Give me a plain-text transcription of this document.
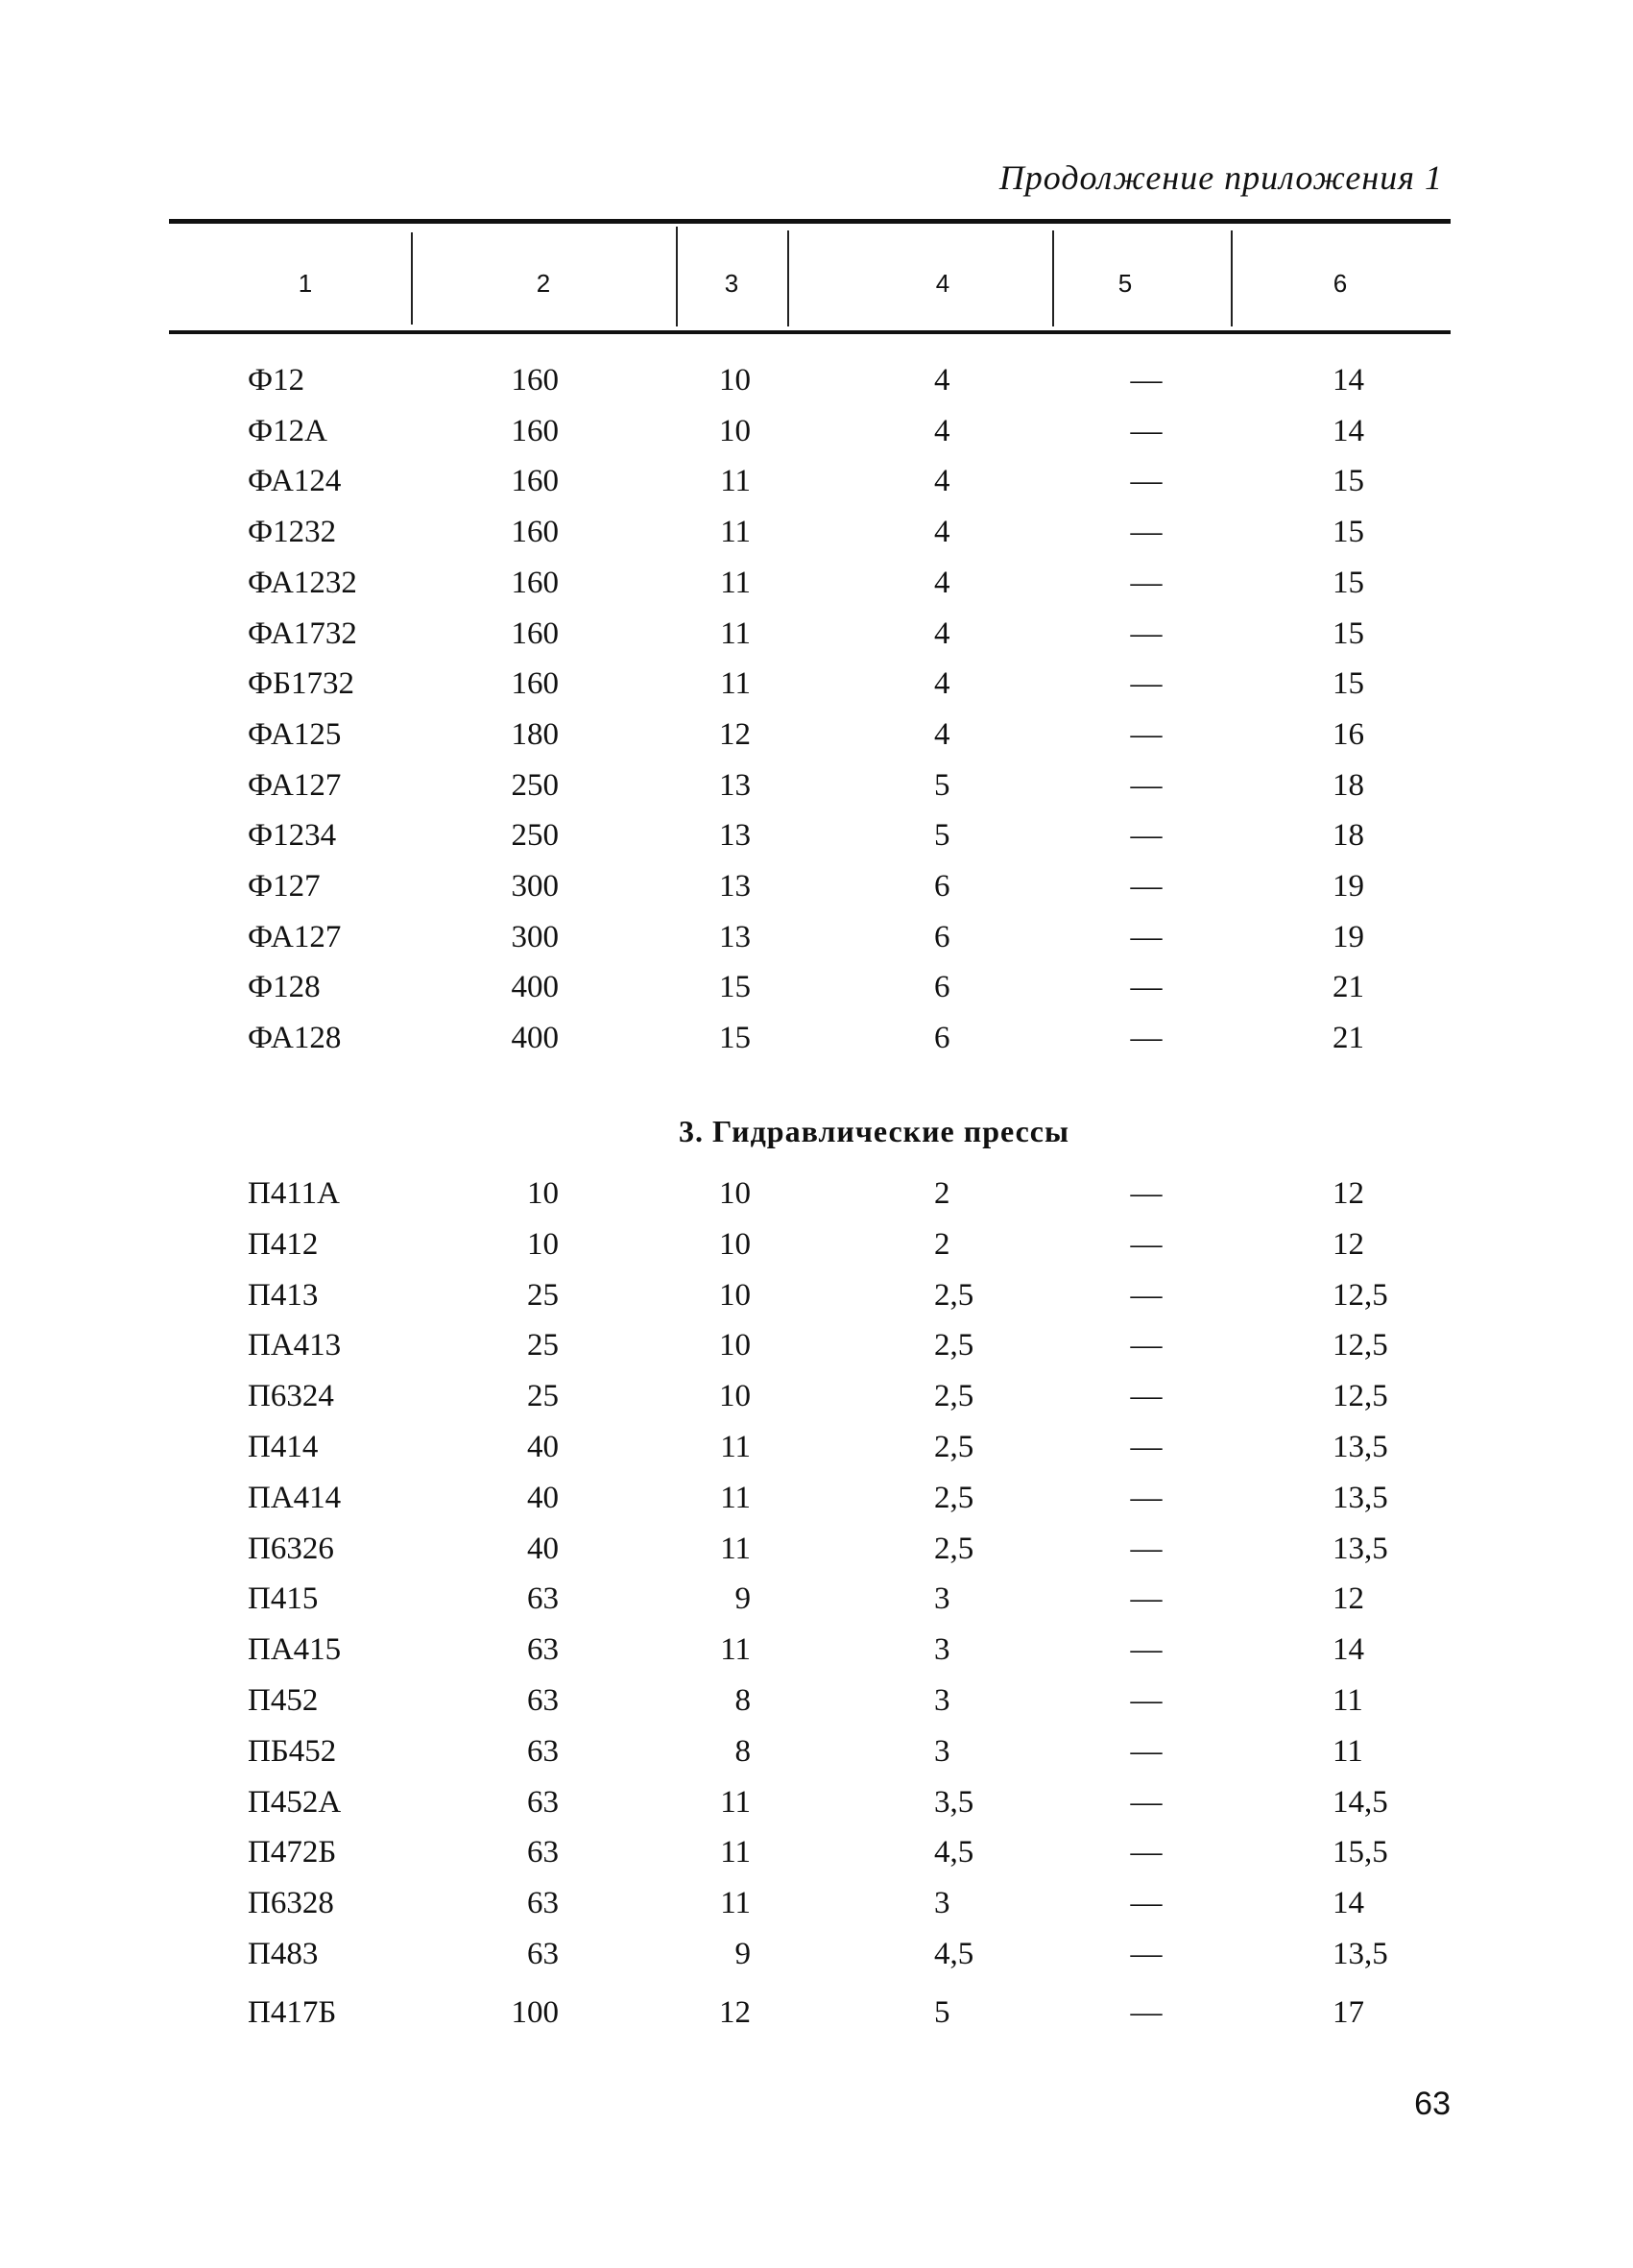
Продолжение приложения 1
1	2	3	4	5	6
Ф12	160	10	4	—	14
Ф12А	160	10	4	—	14
ФА124	160	11	4	—	15
Ф1232	160	11	4	—	15
ФА1232	160	11	4	—	15
ФА1732	160	11	4	—	15
ФБ1732	160	11	4	—	15
ФА125	180	12	4	—	16
ФА127	250	13	5	—	18
Ф1234	250	13	5	—	18
Ф127	300	13	6	—	19
ФА127	300	13	6	—	19
Ф128	400	15	6	—	21
ФА128	400	15	6	—	21
3. Гидравлические прессы
П411А	10	10	2	—	12
П412	10	10	2	—	12
П413	25	10	2,5	—	12,5
ПА413	25	10	2,5	—	12,5
П6324	25	10	2,5	—	12,5
П414	40	11	2,5	—	13,5
ПА414	40	11	2,5	—	13,5
П6326	40	11	2,5	—	13,5
П415	63	9	3	—	12
ПА415	63	11	3	—	14
П452	63	8	3	—	11
ПБ452	63	8	3	—	11
П452А	63	11	3,5	—	14,5
П472Б	63	11	4,5	—	15,5
П6328	63	11	3	—	14
П483	63	9	4,5	—	13,5
П417Б	100	12	5	—	17
63
